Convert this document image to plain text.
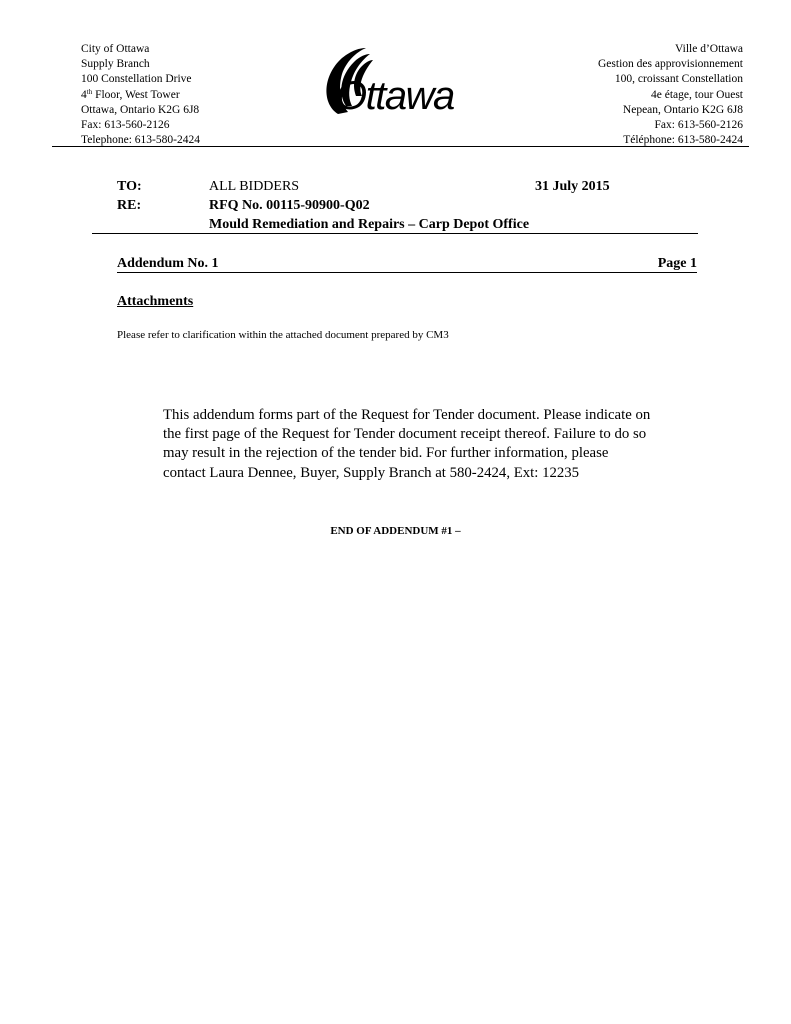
City of Ottawa
Supply Branch
100 Constellation Drive
4th Floor, West Tower
Ottawa, Ontario K2G 6J8
Fax: 613-560-2126
Telephone: 613-580-2424
Ottawa
Ville d’Ottawa
Gestion des approvisionnement
100, croissant Constellation
4e étage, tour Ouest
Nepean, Ontario K2G 6J8
Fax: 613-560-2126
Téléphone: 613-580-2424
TO:	ALL BIDDERS	31 July 2015
RE:	RFQ No. 00115-90900-Q02
Mould Remediation and Repairs – Carp Depot Office
Addendum No. 1	Page 1
Attachments
Please refer to clarification within the attached document prepared by CM3
This addendum forms part of the Request for Tender document. Please indicate on
the first page of the Request for Tender document receipt thereof. Failure to do so
may result in the rejection of the tender bid. For further information, please
contact Laura Dennee, Buyer, Supply Branch at 580-2424, Ext: 12235
END OF ADDENDUM #1 –
